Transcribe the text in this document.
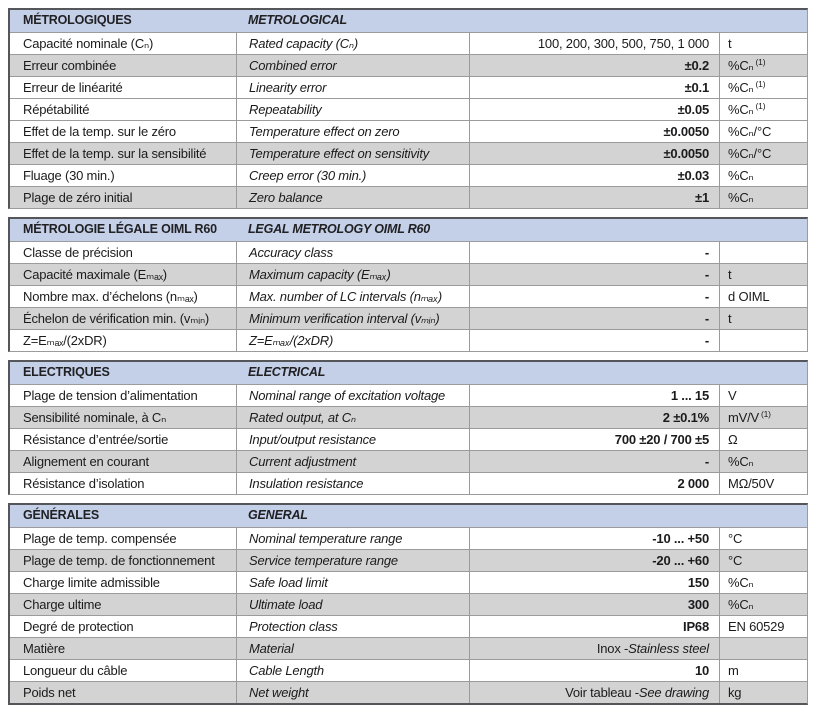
MÉTROLOGIQUES	METROLOGICAL
Capacité nominale (Cₙ)	Rated capacity (Cₙ)	100, 200, 300, 500, 750, 1 000 t
Erreur combinée	Combined error	±0.2 %Cₙ (1)
Erreur de linéarité	Linearity error	±0.1 %Cₙ (1)
Répétabilité	Repeatability	±0.05 %Cₙ (1)
Effet de la temp. sur le zéro	Temperature effect on zero	±0.0050 %Cₙ/°C
Effet de la temp. sur la sensibilité	Temperature effect on sensitivity	±0.0050 %Cₙ/°C
Fluage (30 min.)	Creep error (30 min.)	±0.03 %Cₙ
Plage de zéro initial	Zero balance	±1 %Cₙ
MÉTROLOGIE LÉGALE OIML R60	LEGAL METROLOGY OIML R60
Classe de précision	Accuracy class	-
Capacité maximale (Eₘₐₓ)	Maximum capacity (Eₘₐₓ)	- t
Nombre max. d’échelons (nₘₐₓ)	Max. number of LC intervals (nₘₐₓ)	- d OIML
Échelon de vérification min. (vₘᵢₙ)	Minimum verification interval (vₘᵢₙ)	- t
Z=Eₘₐₓ/(2xDR)	Z=Eₘₐₓ/(2xDR)	-
ELECTRIQUES	ELECTRICAL
Plage de tension d’alimentation	Nominal range of excitation voltage	1 ... 15 V
Sensibilité nominale, à Cₙ	Rated output, at Cₙ	2 ±0.1% mV/V (1)
Résistance d’entrée/sortie	Input/output resistance	700 ±20 / 700 ±5 Ω
Alignement en courant	Current adjustment	- %Cₙ
Résistance d’isolation	Insulation resistance	2 000 MΩ/50V
GÉNÉRALES	GENERAL
Plage de temp. compensée	Nominal temperature range	-10 ... +50 °C
Plage de temp. de fonctionnement	Service temperature range	-20 ... +60 °C
Charge limite admissible	Safe load limit	150 %Cₙ
Charge ultime	Ultimate load	300 %Cₙ
Degré de protection	Protection class	IP68 EN 60529
Matière	Material	Inox - Stainless steel
Longueur du câble	Cable Length	10 m
Poids net	Net weight	Voir tableau - See drawing kg
